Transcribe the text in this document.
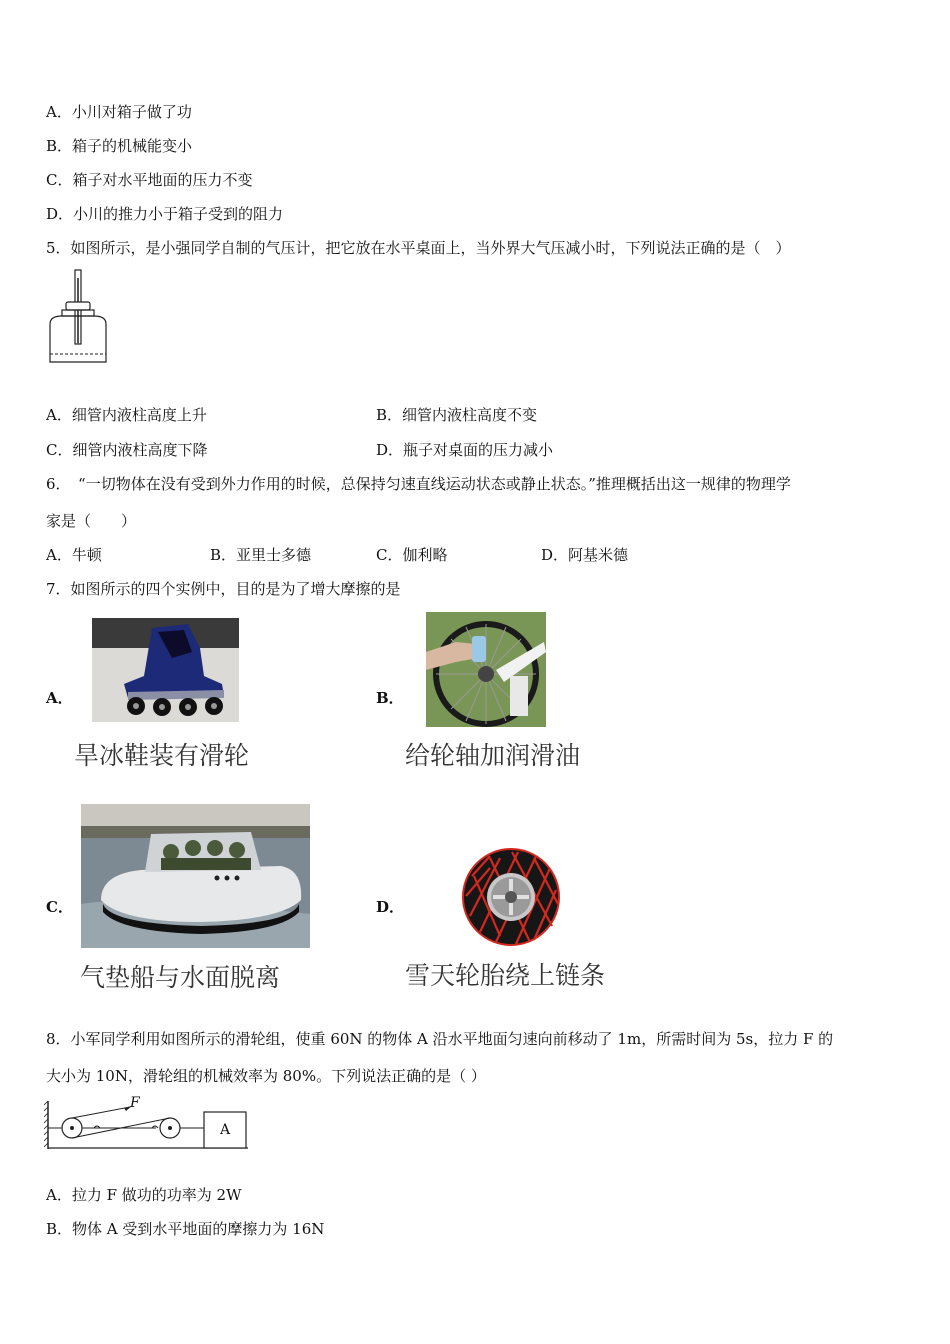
A．小川对箱子做了功
B．箱子的机械能变小
C．箱子对水平地面的压力不变
D．小川的推力小于箱子受到的阻力
5．如图所示，是小强同学自制的气压计，把它放在水平桌面上，当外界大气压减小时，下列说法正确的是（　）
A．细管内液柱高度上升	B．细管内液柱高度不变
C．细管内液柱高度下降	D．瓶子对桌面的压力减小
6．　“一切物体在没有受到外力作用的时候，总保持匀速直线运动状态或静止状态。”推理概括出这一规律的物理学
家是（　　）
A．牛顿	B．亚里士多德	C．伽利略	D．阿基米德
7．如图所示的四个实例中，目的是为了增大摩擦的是
A．
旱冰鞋装有滑轮
B．
给轮轴加润滑油
C．
气垫船与水面脱离
D．
雪天轮胎绕上链条
8．小军同学利用如图所示的滑轮组，使重 60N 的物体 A 沿水平地面匀速向前移动了 1m，所需时间为 5s，拉力 F 的
大小为 10N，滑轮组的机械效率为 80%。下列说法正确的是（ ）
F
A
A．拉力 F 做功的功率为 2W
B．物体 A 受到水平地面的摩擦力为 16N
